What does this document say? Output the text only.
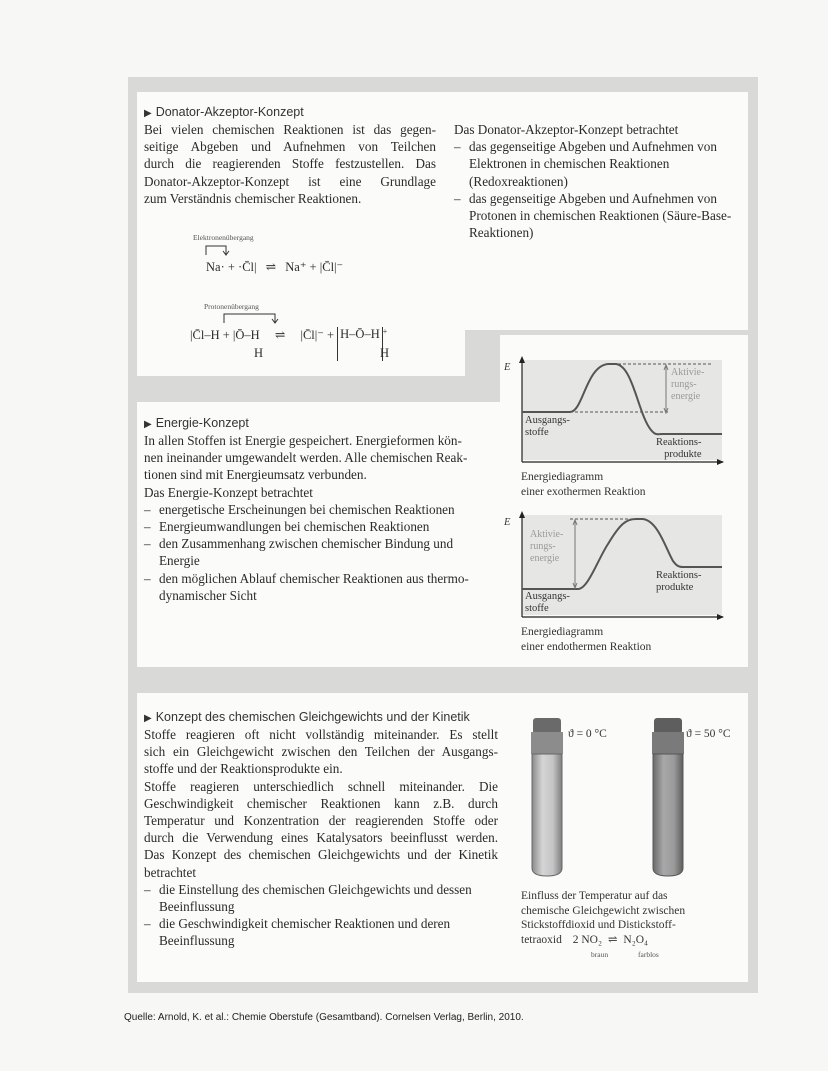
▶ Donator-Akzeptor-Konzept
Bei vielen chemischen Reaktionen ist das gegen-
seitige Abgeben und Aufnehmen von Teilchen
durch die reagierenden Stoffe festzustellen. Das
Donator-Akzeptor-Konzept ist eine Grundlage
zum Verständnis chemischer Reaktionen.
Das Donator-Akzeptor-Konzept betrachtet
– das gegenseitige Abgeben und Aufnehmen von Elektronen in chemischen Reaktionen (Redoxreaktionen)
– das gegenseitige Abgeben und Aufnehmen von Protonen in chemischen Reaktionen (Säure-Base-Reaktionen)
Elektronenübergang
Na· + ·C̄l| ⇌ Na⁺ + |C̄l|⁻
Protonenübergang
|C̄l–H + |Ō–H ⇌ |C̄l|⁻ + H–Ō–H +
H	H
▶ Energie-Konzept
In allen Stoffen ist Energie gespeichert. Energieformen kön-
nen ineinander umgewandelt werden. Alle chemischen Reak-
tionen sind mit Energieumsatz verbunden.
Das Energie-Konzept betrachtet
– energetische Erscheinungen bei chemischen Reaktionen
– Energieumwandlungen bei chemischen Reaktionen
– den Zusammenhang zwischen chemischer Bindung und Energie
– den möglichen Ablauf chemischer Reaktionen aus thermo-dynamischer Sicht
E	Aktivie-
rungs-
energie
Ausgangs-
stoffe
Reaktions-
produkte
Energiediagramm
einer exothermen Reaktion
E
Aktivie-
rungs-
energie
Ausgangs-
stoffe
Reaktions-
produkte
Energiediagramm
einer endothermen Reaktion
▶ Konzept des chemischen Gleichgewichts und der Kinetik
Stoffe reagieren oft nicht vollständig miteinander. Es stellt
sich ein Gleichgewicht zwischen den Teilchen der Ausgangs-
stoffe und der Reaktionsprodukte ein.
Stoffe reagieren unterschiedlich schnell miteinander. Die
Geschwindigkeit chemischer Reaktionen kann z.B. durch
Temperatur und Konzentration der reagierenden Stoffe oder
durch die Verwendung eines Katalysators beeinflusst werden.
Das Konzept des chemischen Gleichgewichts und der Kinetik
betrachtet
– die Einstellung des chemischen Gleichgewichts und dessen Beeinflussung
– die Geschwindigkeit chemischer Reaktionen und deren Beeinflussung
ϑ = 0 °C	ϑ = 50 °C
Einfluss der Temperatur auf das
chemische Gleichgewicht zwischen
Stickstoffdioxid und Distickstoff-
tetraoxid 2 NO₂ ⇌ N₂O₄
braun	farblos
Quelle: Arnold, K. et al.: Chemie Oberstufe (Gesamtband). Cornelsen Verlag, Berlin, 2010.
